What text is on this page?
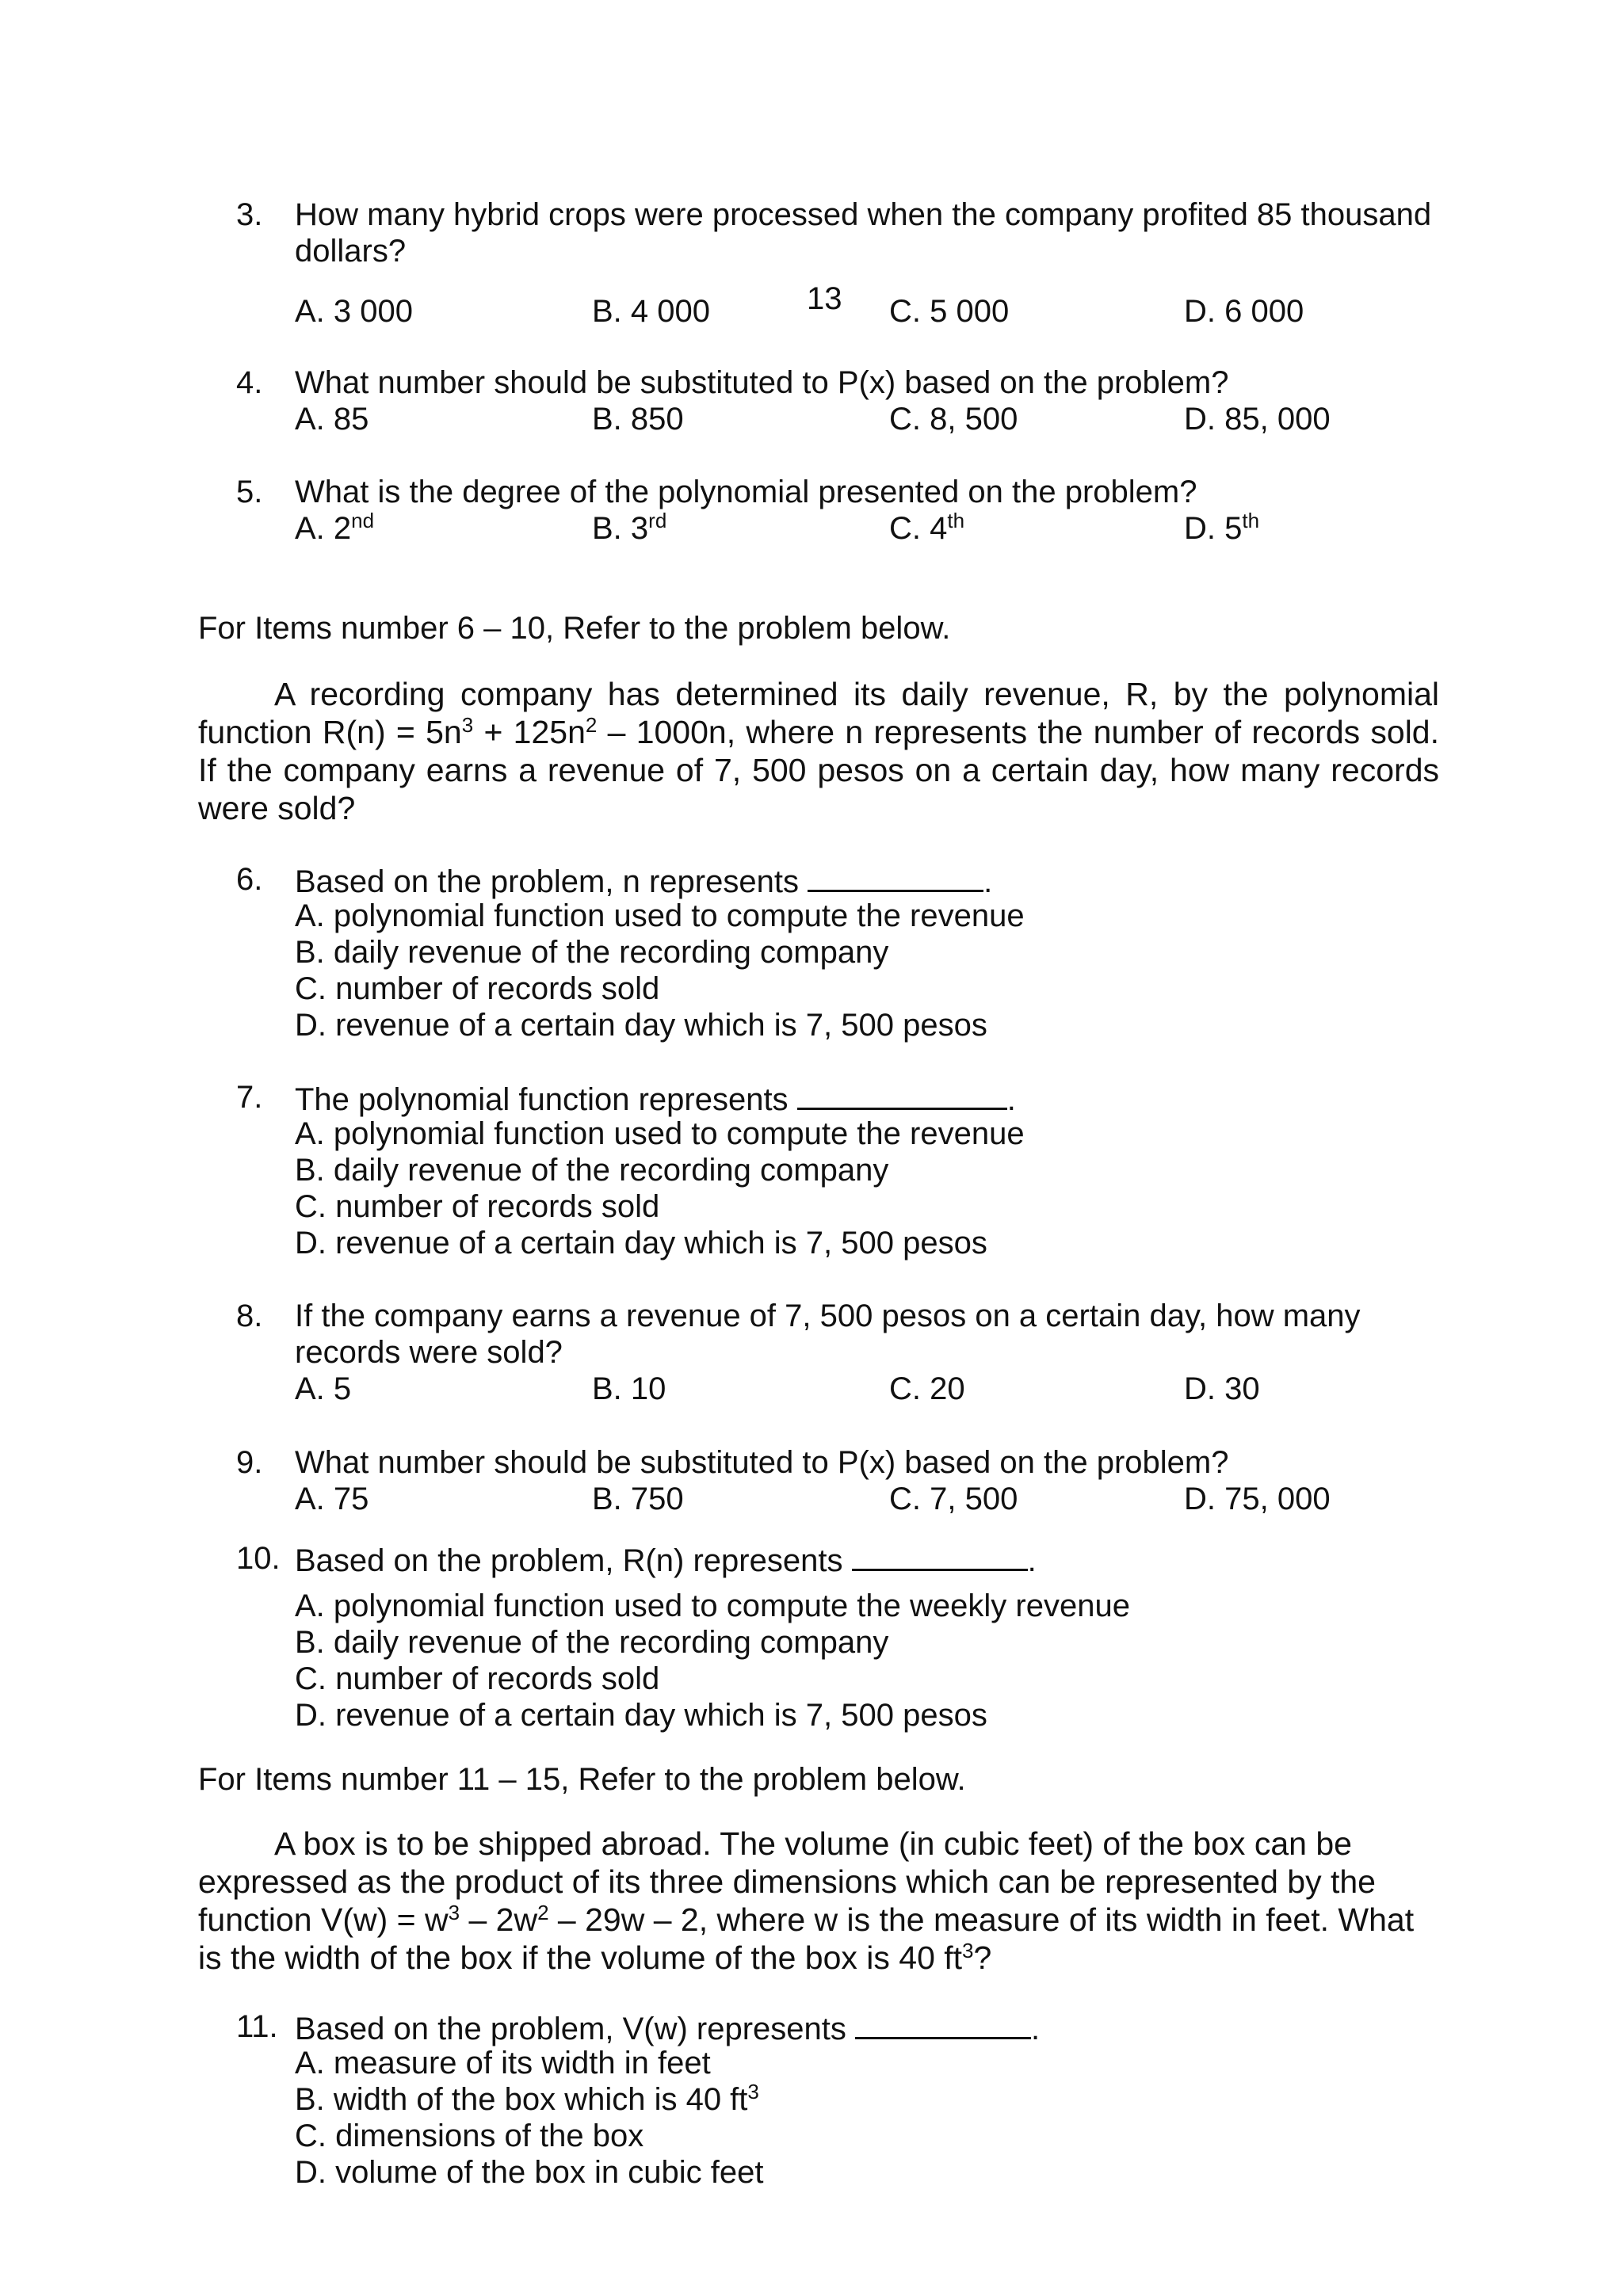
3. How many hybrid crops were processed when the company profited 85 thousand dollars?
A. 3 000	B. 4 000	C. 5 000	D. 6 000
13
4. What number should be substituted to P(x) based on the problem?
A. 85	B. 850	C. 8, 500	D. 85, 000
5. What is the degree of the polynomial presented on the problem?
A. 2nd	B. 3rd	C. 4th	D. 5th
For Items number 6 – 10, Refer to the problem below.
A recording company has determined its daily revenue, R, by the polynomial function $R(n) = 5n^3 + 125n^2 - 1000n$, where n represents the number of records sold. If the company earns a revenue of 7, 500 pesos on a certain day, how many records were sold?
6. Based on the problem, n represents	.
A. polynomial function used to compute the revenue
B. daily revenue of the recording company
C. number of records sold
D. revenue of a certain day which is 7, 500 pesos
7. The polynomial function represents	.
A. polynomial function used to compute the revenue
B. daily revenue of the recording company
C. number of records sold
D. revenue of a certain day which is 7, 500 pesos
8. If the company earns a revenue of 7, 500 pesos on a certain day, how many records were sold?
A. 5	B. 10	C. 20	D. 30
9. What number should be substituted to P(x) based on the problem?
A. 75	B. 750	C. 7, 500	D. 75, 000
10. Based on the problem, R(n) represents	.
A. polynomial function used to compute the weekly revenue
B. daily revenue of the recording company
C. number of records sold
D. revenue of a certain day which is 7, 500 pesos
For Items number 11 – 15, Refer to the problem below.
A box is to be shipped abroad. The volume (in cubic feet) of the box can be expressed as the product of its three dimensions which can be represented by the function $V(w) = w^3 - 2w^2 - 29w - 2$, where w is the measure of its width in feet. What is the width of the box if the volume of the box is 40 $ft^3$?
11. Based on the problem, V(w) represents	.
A. measure of its width in feet
B. width of the box which is 40 $ft^3$
C. dimensions of the box
D. volume of the box in cubic feet
